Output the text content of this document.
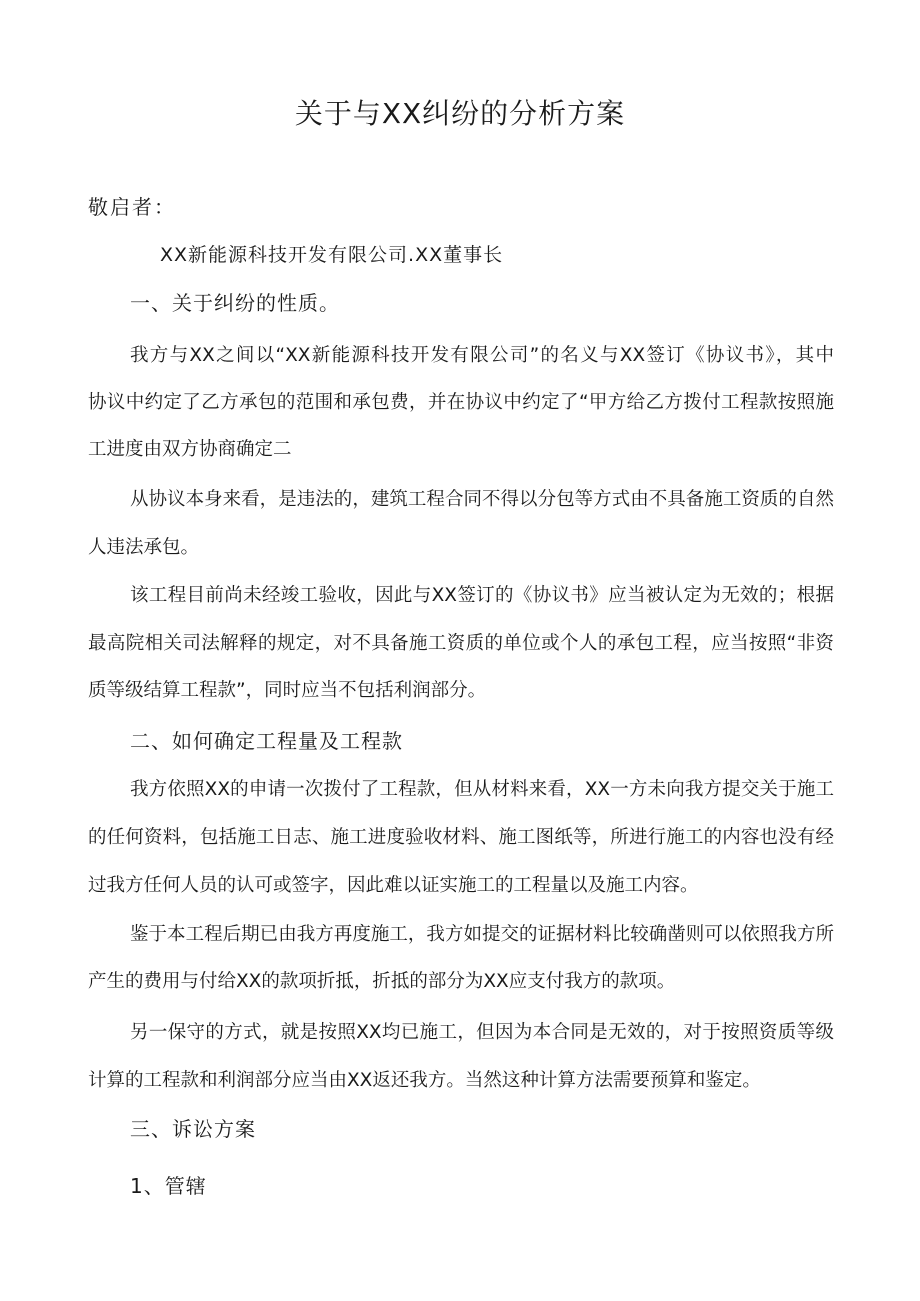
关于与XX纠纷的分析方案

敬启者：

XX新能源科技开发有限公司.XX董事长

一、关于纠纷的性质。

我方与XX之间以“XX新能源科技开发有限公司”的名义与XX签订《协议书》，其中

协议中约定了乙方承包的范围和承包费，并在协议中约定了“甲方给乙方拨付工程款按照施

工进度由双方协商确定二

从协议本身来看，是违法的，建筑工程合同不得以分包等方式由不具备施工资质的自然

人违法承包。

该工程目前尚未经竣工验收，因此与XX签订的《协议书》应当被认定为无效的；根据

最高院相关司法解释的规定，对不具备施工资质的单位或个人的承包工程，应当按照“非资

质等级结算工程款”，同时应当不包括利润部分。

二、如何确定工程量及工程款

我方依照XX的申请一次拨付了工程款，但从材料来看，XX一方未向我方提交关于施工

的任何资料，包括施工日志、施工进度验收材料、施工图纸等，所进行施工的内容也没有经

过我方任何人员的认可或签字，因此难以证实施工的工程量以及施工内容。

鉴于本工程后期已由我方再度施工，我方如提交的证据材料比较确凿则可以依照我方所

产生的费用与付给XX的款项折抵，折抵的部分为XX应支付我方的款项。

另一保守的方式，就是按照XX均已施工，但因为本合同是无效的，对于按照资质等级

计算的工程款和利润部分应当由XX返还我方。当然这种计算方法需要预算和鉴定。

三、诉讼方案

1、管辖
